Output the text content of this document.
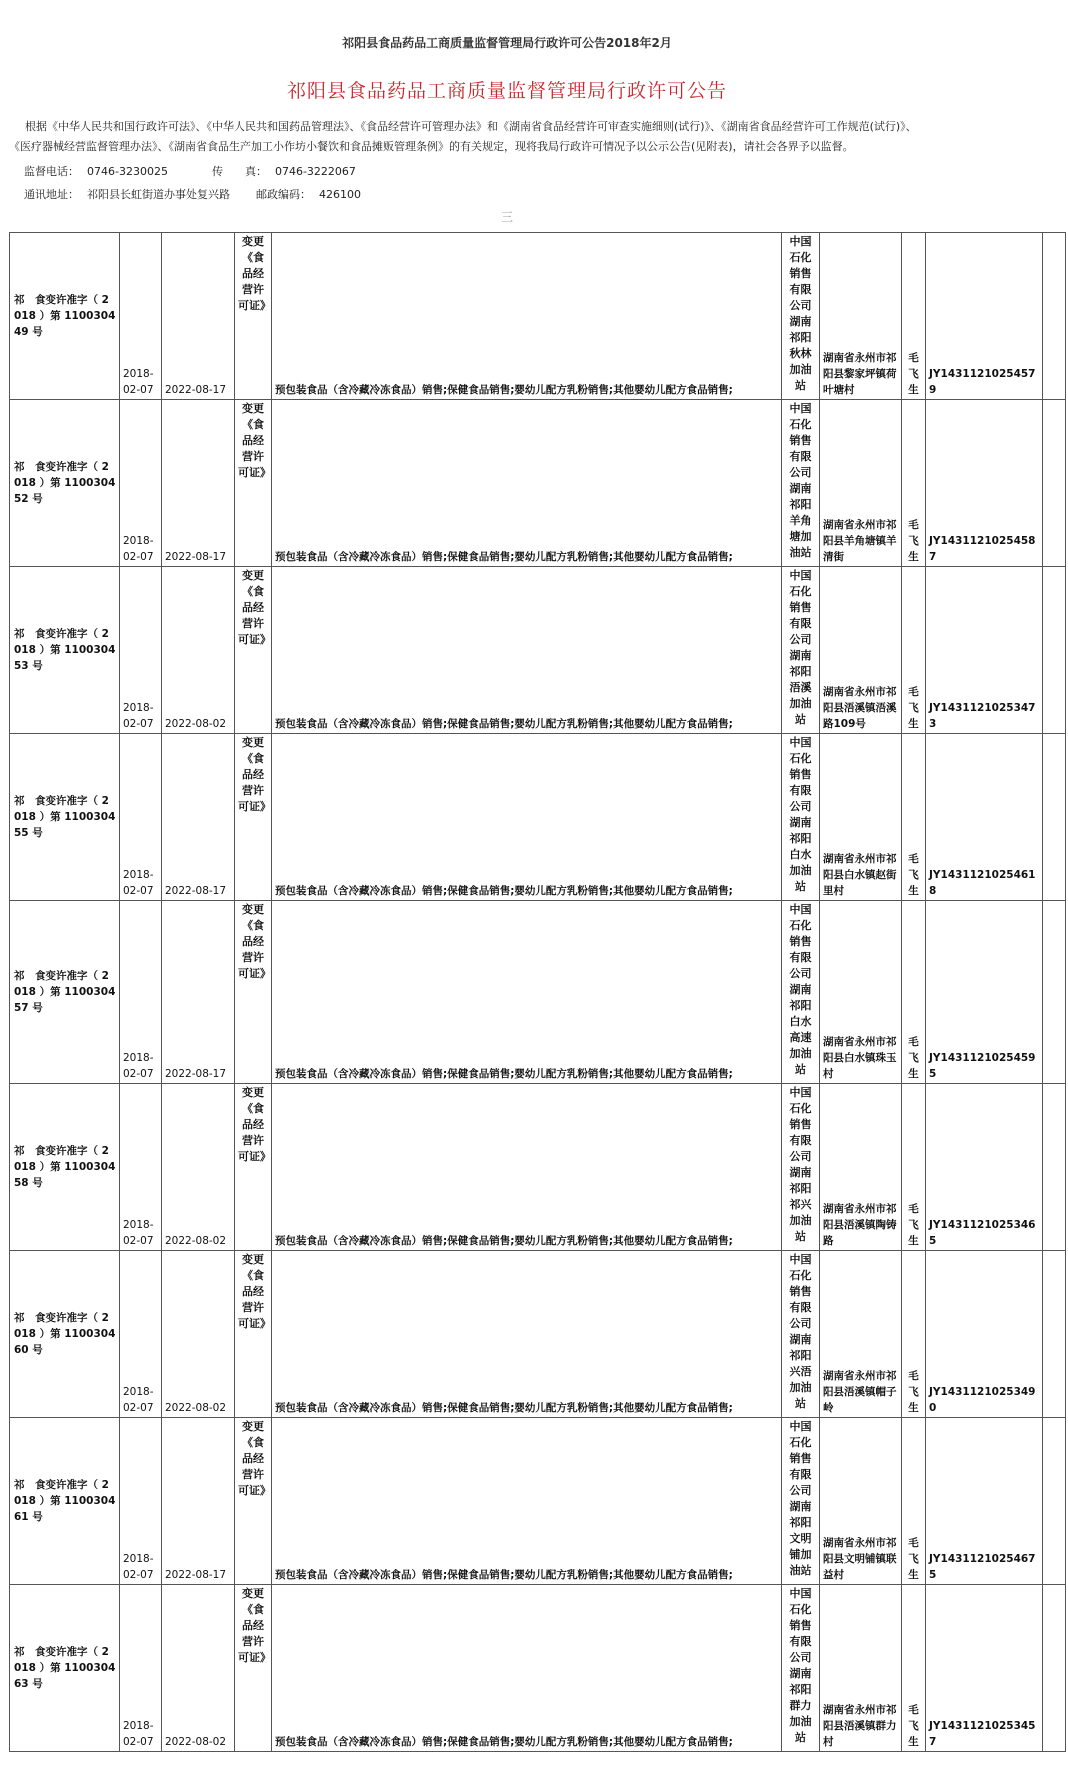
祁阳县食品药品工商质量监督管理局行政许可公告2018年2月
祁阳县食品药品工商质量监督管理局行政许可公告
根据《中华人民共和国行政许可法》、《中华人民共和国药品管理法》、《食品经营许可管理办法》和《湖南省食品经营许可审查实施细则(试行)》、《湖南省食品经营许可工作规范(试行)》、
《医疗器械经营监督管理办法》、《湖南省食品生产加工小作坊小餐饮和食品摊贩管理条例》的有关规定，现将我局行政许可情况予以公示公告(见附表)，请社会各界予以监督。
监督电话： 0746-3230025	传　　真： 0746-3222067
通讯地址： 祁阳县长虹街道办事处复兴路 邮政编码： 426100
三
祁　食变许准字（ 2018 ）第 110030449 号	2018-02-07	2022-08-17	变更《食品经营许可证》	预包装食品（含冷藏冷冻食品）销售;保健食品销售;婴幼儿配方乳粉销售;其他婴幼儿配方食品销售;	中国石化销售有限公司湖南祁阳秋林加油站	湖南省永州市祁阳县黎家坪镇荷叶塘村	毛飞生	JY14311210254579	
祁　食变许准字（ 2018 ）第 110030452 号	2018-02-07	2022-08-17	变更《食品经营许可证》	预包装食品（含冷藏冷冻食品）销售;保健食品销售;婴幼儿配方乳粉销售;其他婴幼儿配方食品销售;	中国石化销售有限公司湖南祁阳羊角塘加油站	湖南省永州市祁阳县羊角塘镇羊清街	毛飞生	JY14311210254587	
祁　食变许准字（ 2018 ）第 110030453 号	2018-02-07	2022-08-02	变更《食品经营许可证》	预包装食品（含冷藏冷冻食品）销售;保健食品销售;婴幼儿配方乳粉销售;其他婴幼儿配方食品销售;	中国石化销售有限公司湖南祁阳浯溪加油站	湖南省永州市祁阳县浯溪镇浯溪路109号	毛飞生	JY14311210253473	
祁　食变许准字（ 2018 ）第 110030455 号	2018-02-07	2022-08-17	变更《食品经营许可证》	预包装食品（含冷藏冷冻食品）销售;保健食品销售;婴幼儿配方乳粉销售;其他婴幼儿配方食品销售;	中国石化销售有限公司湖南祁阳白水加油站	湖南省永州市祁阳县白水镇赵街里村	毛飞生	JY14311210254618	
祁　食变许准字（ 2018 ）第 110030457 号	2018-02-07	2022-08-17	变更《食品经营许可证》	预包装食品（含冷藏冷冻食品）销售;保健食品销售;婴幼儿配方乳粉销售;其他婴幼儿配方食品销售;	中国石化销售有限公司湖南祁阳白水高速加油站	湖南省永州市祁阳县白水镇珠玉村	毛飞生	JY14311210254595	
祁　食变许准字（ 2018 ）第 110030458 号	2018-02-07	2022-08-02	变更《食品经营许可证》	预包装食品（含冷藏冷冻食品）销售;保健食品销售;婴幼儿配方乳粉销售;其他婴幼儿配方食品销售;	中国石化销售有限公司湖南祁阳祁兴加油站	湖南省永州市祁阳县浯溪镇陶铸路	毛飞生	JY14311210253465	
祁　食变许准字（ 2018 ）第 110030460 号	2018-02-07	2022-08-02	变更《食品经营许可证》	预包装食品（含冷藏冷冻食品）销售;保健食品销售;婴幼儿配方乳粉销售;其他婴幼儿配方食品销售;	中国石化销售有限公司湖南祁阳兴浯加油站	湖南省永州市祁阳县浯溪镇帽子岭	毛飞生	JY14311210253490	
祁　食变许准字（ 2018 ）第 110030461 号	2018-02-07	2022-08-17	变更《食品经营许可证》	预包装食品（含冷藏冷冻食品）销售;保健食品销售;婴幼儿配方乳粉销售;其他婴幼儿配方食品销售;	中国石化销售有限公司湖南祁阳文明铺加油站	湖南省永州市祁阳县文明铺镇联益村	毛飞生	JY14311210254675	
祁　食变许准字（ 2018 ）第 110030463 号	2018-02-07	2022-08-02	变更《食品经营许可证》	预包装食品（含冷藏冷冻食品）销售;保健食品销售;婴幼儿配方乳粉销售;其他婴幼儿配方食品销售;	中国石化销售有限公司湖南祁阳群力加油站	湖南省永州市祁阳县浯溪镇群力村	毛飞生	JY14311210253457	
